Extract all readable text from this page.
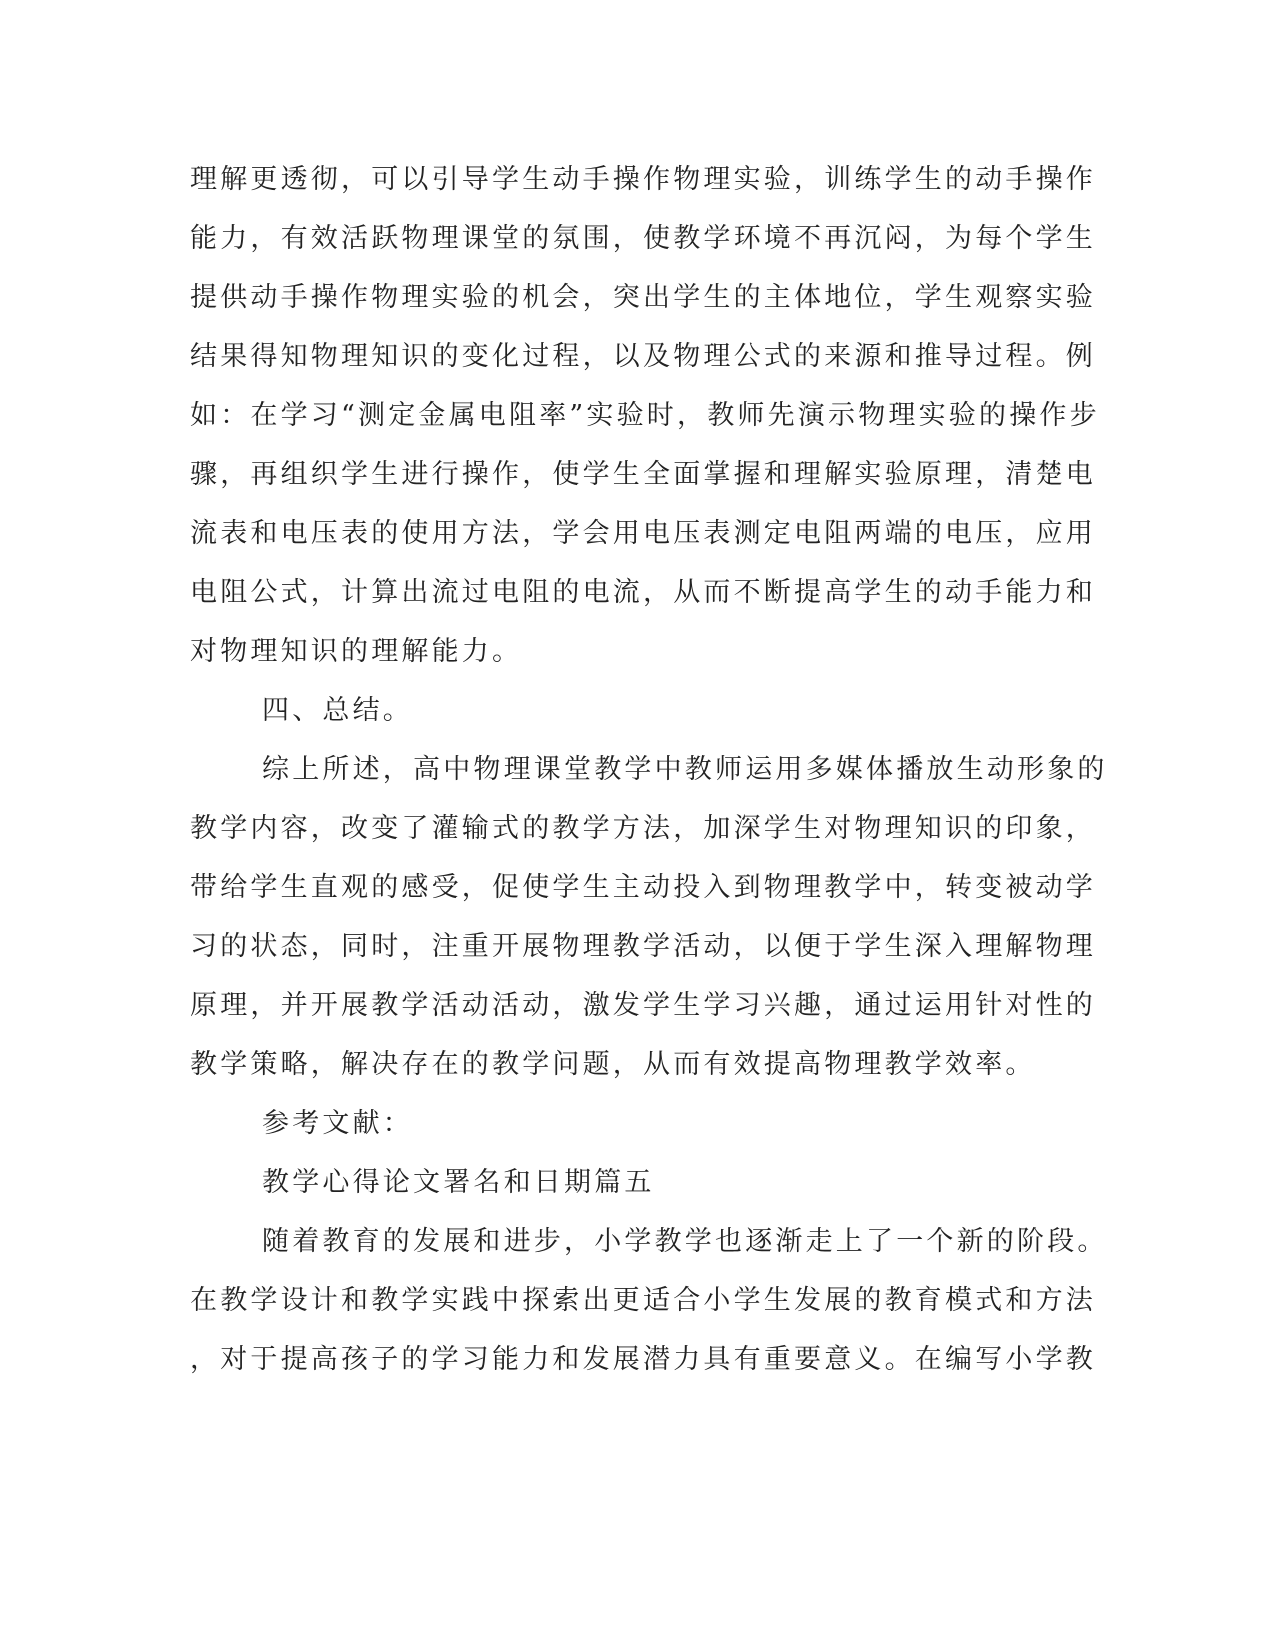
理解更透彻，可以引导学生动手操作物理实验，训练学生的动手操作
能力，有效活跃物理课堂的氛围，使教学环境不再沉闷，为每个学生
提供动手操作物理实验的机会，突出学生的主体地位，学生观察实验
结果得知物理知识的变化过程，以及物理公式的来源和推导过程。例
如：在学习“测定金属电阻率”实验时，教师先演示物理实验的操作步
骤，再组织学生进行操作，使学生全面掌握和理解实验原理，清楚电
流表和电压表的使用方法，学会用电压表测定电阻两端的电压，应用
电阻公式，计算出流过电阻的电流，从而不断提高学生的动手能力和
对物理知识的理解能力。
四、总结。
综上所述，高中物理课堂教学中教师运用多媒体播放生动形象的
教学内容，改变了灌输式的教学方法，加深学生对物理知识的印象，
带给学生直观的感受，促使学生主动投入到物理教学中，转变被动学
习的状态，同时，注重开展物理教学活动，以便于学生深入理解物理
原理，并开展教学活动活动，激发学生学习兴趣，通过运用针对性的
教学策略，解决存在的教学问题，从而有效提高物理教学效率。
参考文献：
教学心得论文署名和日期篇五
随着教育的发展和进步，小学教学也逐渐走上了一个新的阶段。
在教学设计和教学实践中探索出更适合小学生发展的教育模式和方法
，对于提高孩子的学习能力和发展潜力具有重要意义。在编写小学教
